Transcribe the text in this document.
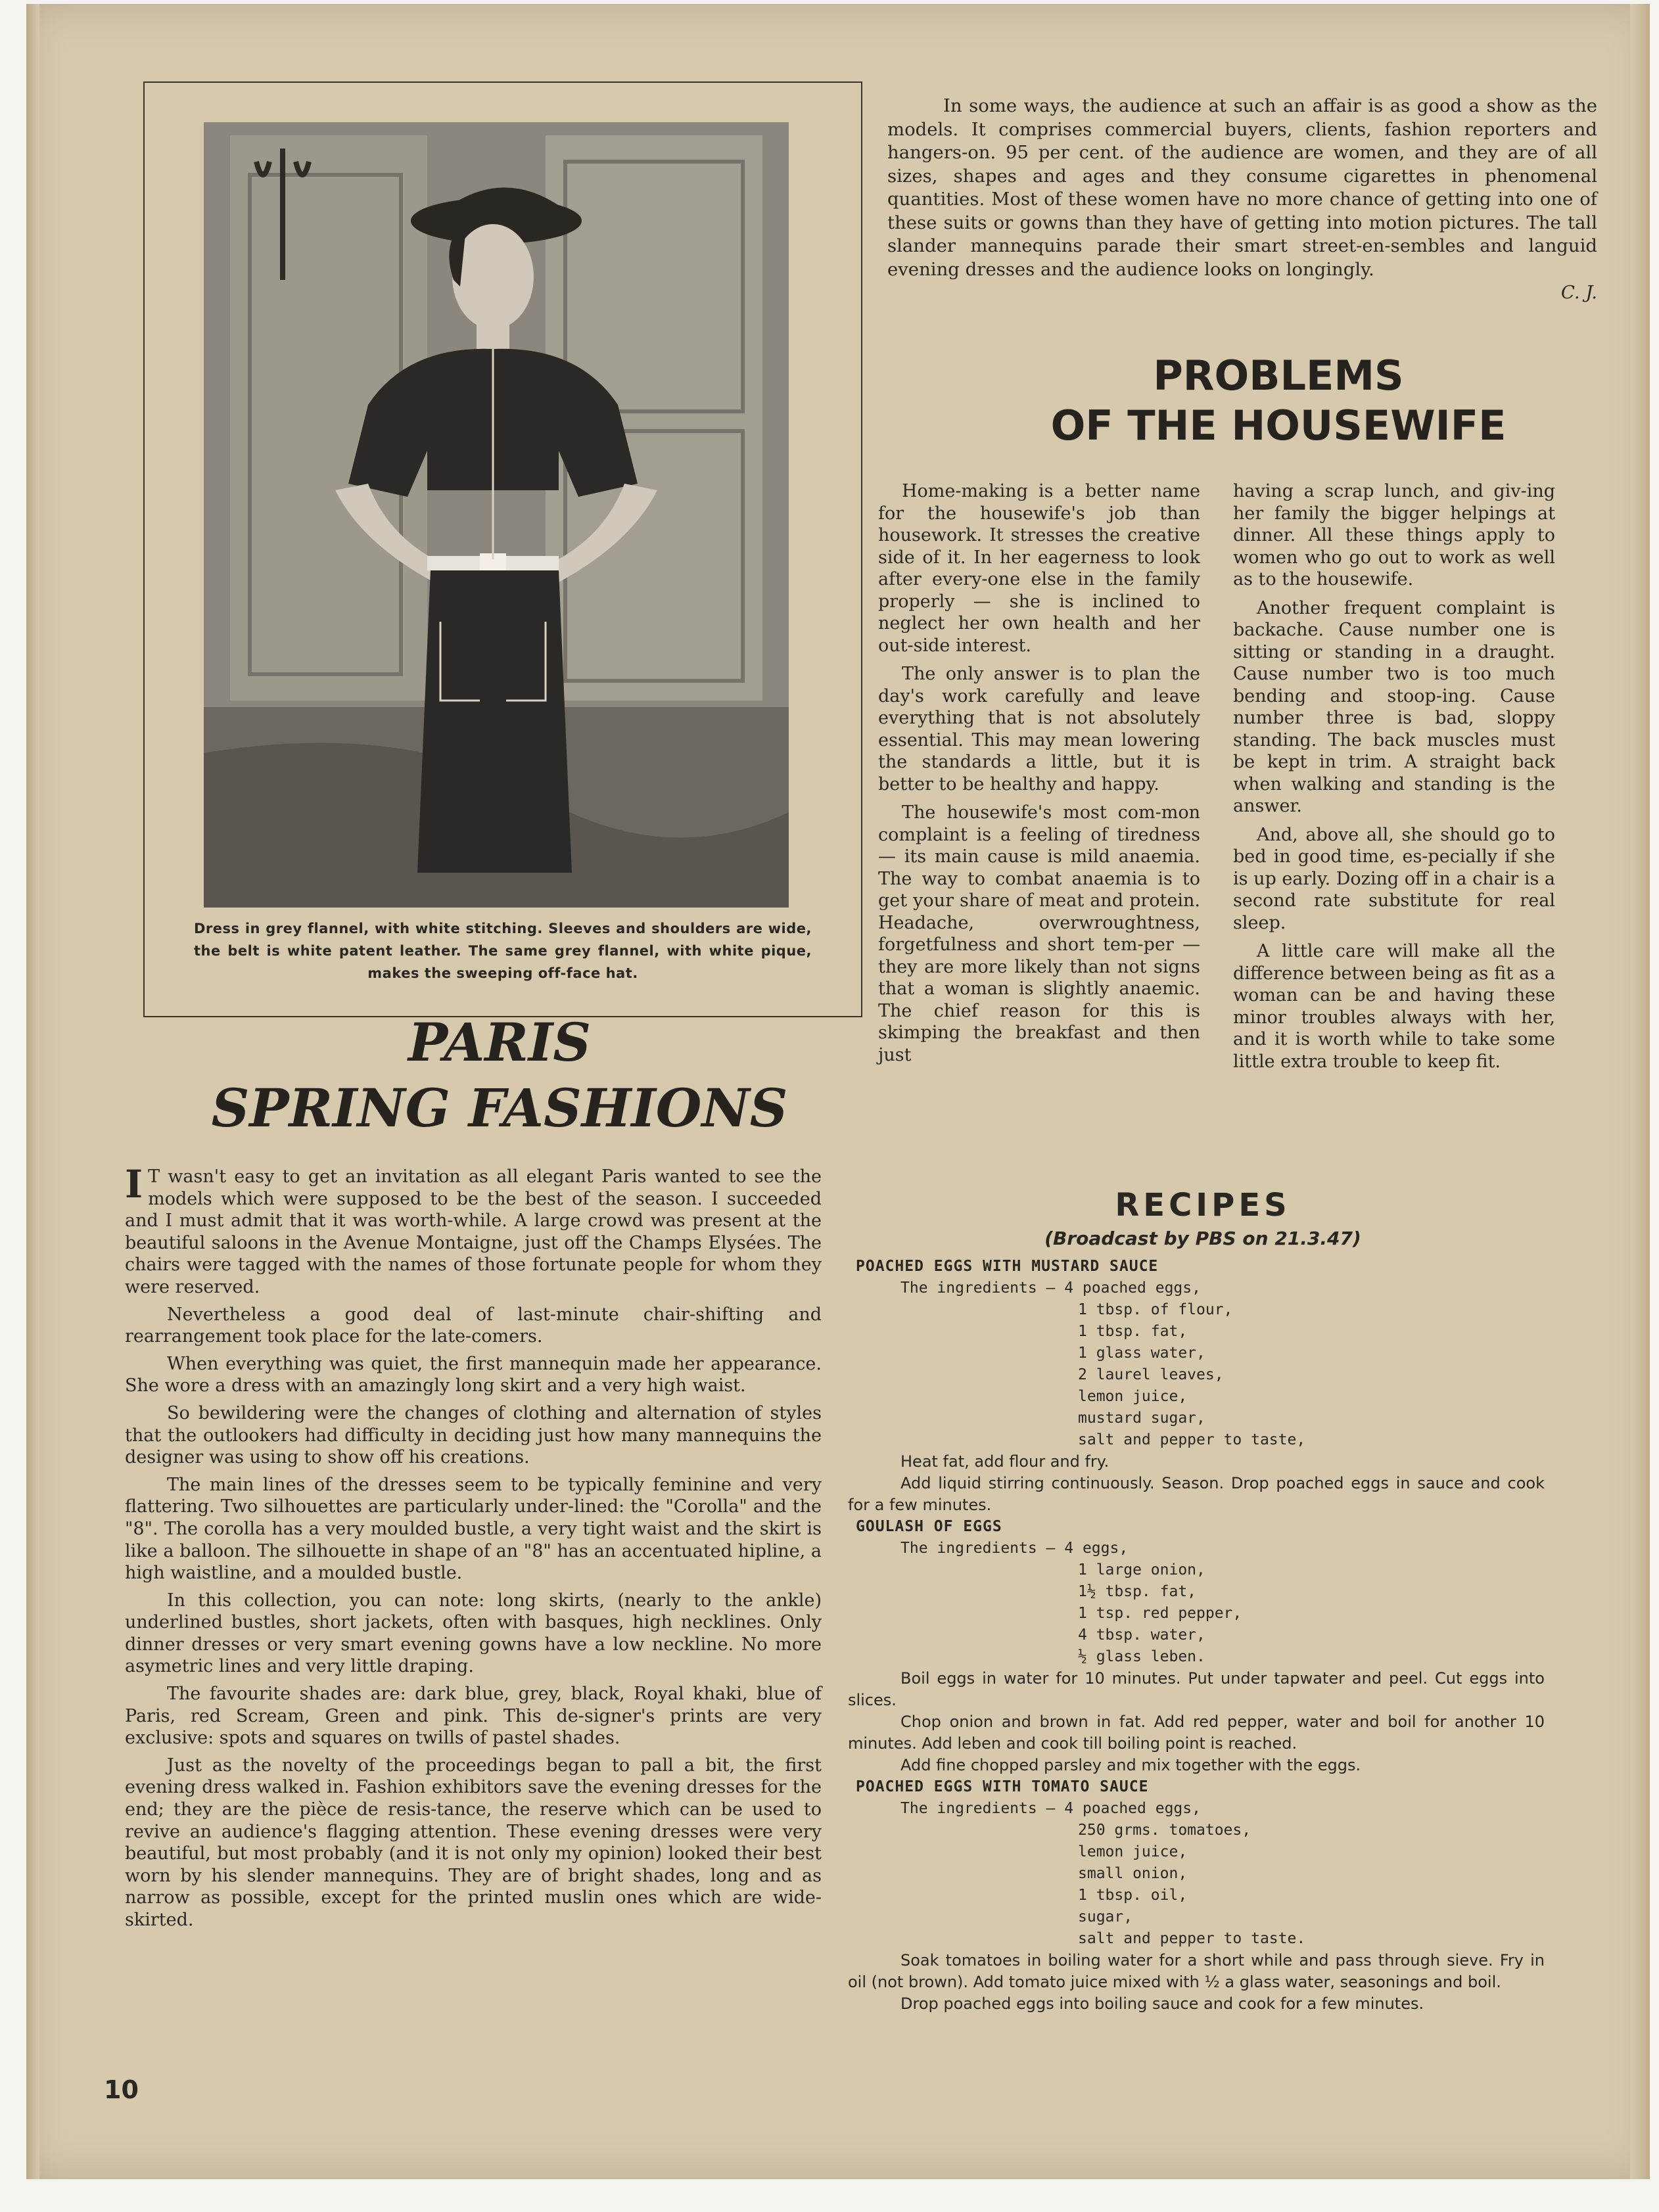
Dress in grey flannel, with white stitching. Sleeves and shoulders are wide, the belt is white patent leather. The same grey flannel, with white pique, makes the sweeping off-face hat.
PARIS
SPRING FASHIONS

I T wasn't easy to get an invitation as all elegant Paris wanted to see the models which were supposed to be the best of the season. I succeeded and I must admit that it was worth-while. A large crowd was present at the beautiful saloons in the Avenue Montaigne, just off the Champs Elysées. The chairs were tagged with the names of those fortunate people for whom they were reserved.

Nevertheless a good deal of last-minute chair-shifting and rearrangement took place for the late-comers.

When everything was quiet, the first mannequin made her appearance. She wore a dress with an amazingly long skirt and a very high waist.

So bewildering were the changes of clothing and alternation of styles that the outlookers had difficulty in deciding just how many mannequins the designer was using to show off his creations.

The main lines of the dresses seem to be typically feminine and very flattering. Two silhouettes are particularly under-lined: the "Corolla" and the "8". The corolla has a very moulded bustle, a very tight waist and the skirt is like a balloon. The silhouette in shape of an "8" has an accentuated hipline, a high waistline, and a moulded bustle.

In this collection, you can note: long skirts, (nearly to the ankle) underlined bustles, short jackets, often with basques, high necklines. Only dinner dresses or very smart evening gowns have a low neckline. No more asymetric lines and very little draping.

The favourite shades are: dark blue, grey, black, Royal khaki, blue of Paris, red Scream, Green and pink. This de-signer's prints are very exclusive: spots and squares on twills of pastel shades.

Just as the novelty of the proceedings began to pall a bit, the first evening dress walked in. Fashion exhibitors save the evening dresses for the end; they are the pièce de resis-tance, the reserve which can be used to revive an audience's flagging attention. These evening dresses were very beautiful, but most probably (and it is not only my opinion) looked their best worn by his slender mannequins. They are of bright shades, long and as narrow as possible, except for the printed muslin ones which are wide-skirted.

10

In some ways, the audience at such an affair is as good a show as the models. It comprises commercial buyers, clients, fashion reporters and hangers-on. 95 per cent. of the audience are women, and they are of all sizes, shapes and ages and they consume cigarettes in phenomenal quantities. Most of these women have no more chance of getting into one of these suits or gowns than they have of getting into motion pictures. The tall slander mannequins parade their smart street-en-sembles and languid evening dresses and the audience looks on longingly.

C. J.
PROBLEMS
OF THE HOUSEWIFE

Home-making is a better name for the housewife's job than housework. It stresses the creative side of it. In her eagerness to look after every-one else in the family properly — she is inclined to neglect her own health and her out-side interest.

The only answer is to plan the day's work carefully and leave everything that is not absolutely essential. This may mean lowering the standards a little, but it is better to be healthy and happy.

The housewife's most com-mon complaint is a feeling of tiredness — its main cause is mild anaemia. The way to combat anaemia is to get your share of meat and protein. Headache, overwroughtness, forgetfulness and short tem-per — they are more likely than not signs that a woman is slightly anaemic. The chief reason for this is skimping the breakfast and then just

having a scrap lunch, and giv-ing her family the bigger helpings at dinner. All these things apply to women who go out to work as well as to the housewife.

Another frequent complaint is backache. Cause number one is sitting or standing in a draught. Cause number two is too much bending and stoop-ing. Cause number three is bad, sloppy standing. The back muscles must be kept in trim. A straight back when walking and standing is the answer.

And, above all, she should go to bed in good time, es-pecially if she is up early. Dozing off in a chair is a second rate substitute for real sleep.

A little care will make all the difference between being as fit as a woman can be and having these minor troubles always with her, and it is worth while to take some little extra trouble to keep fit.

RECIPES
(Broadcast by PBS on 21.3.47)
POACHED EGGS WITH MUSTARD SAUCE
The ingredients — 4 poached eggs,
1 tbsp. of flour,
1 tbsp. fat,
1 glass water,
2 laurel leaves,
lemon juice,
mustard sugar,
salt and pepper to taste,
Heat fat, add flour and fry.
Add liquid stirring continuously. Season. Drop poached eggs in sauce and cook for a few minutes.
GOULASH OF EGGS
The ingredients — 4 eggs,
1 large onion,
1½ tbsp. fat,
1 tsp. red pepper,
4 tbsp. water,
½ glass leben.
Boil eggs in water for 10 minutes. Put under tapwater and peel. Cut eggs into slices.
Chop onion and brown in fat. Add red pepper, water and boil for another 10 minutes. Add leben and cook till boiling point is reached.
Add fine chopped parsley and mix together with the eggs.
POACHED EGGS WITH TOMATO SAUCE
The ingredients — 4 poached eggs,
250 grms. tomatoes,
lemon juice,
small onion,
1 tbsp. oil,
sugar,
salt and pepper to taste.
Soak tomatoes in boiling water for a short while and pass through sieve. Fry in oil (not brown). Add tomato juice mixed with ½ a glass water, seasonings and boil.
Drop poached eggs into boiling sauce and cook for a few minutes.
